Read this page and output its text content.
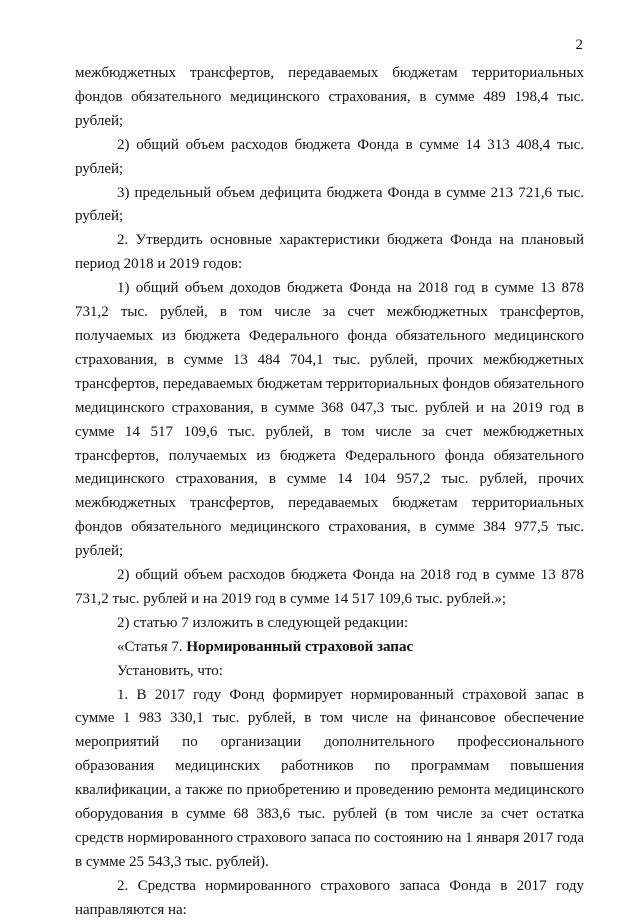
2

межбюджетных трансфертов, передаваемых бюджетам территориальных фондов обязательного медицинского страхования, в сумме 489 198,4 тыс. рублей;

2) общий объем расходов бюджета Фонда в сумме 14 313 408,4 тыс. рублей;

3) предельный объем дефицита бюджета Фонда в сумме 213 721,6 тыс. рублей;

2. Утвердить основные характеристики бюджета Фонда на плановый период 2018 и 2019 годов:

1) общий объем доходов бюджета Фонда на 2018 год в сумме 13 878 731,2 тыс. рублей, в том числе за счет межбюджетных трансфертов, получаемых из бюджета Федерального фонда обязательного медицинского страхования, в сумме 13 484 704,1 тыс. рублей, прочих межбюджетных трансфертов, передаваемых бюджетам территориальных фондов обязательного медицинского страхования, в сумме 368 047,3 тыс. рублей и на 2019 год в сумме 14 517 109,6 тыс. рублей, в том числе за счет межбюджетных трансфертов, получаемых из бюджета Федерального фонда обязательного медицинского страхования, в сумме 14 104 957,2 тыс. рублей, прочих межбюджетных трансфертов, передаваемых бюджетам территориальных фондов обязательного медицинского страхования, в сумме 384 977,5 тыс. рублей;

2) общий объем расходов бюджета Фонда на 2018 год в сумме 13 878 731,2 тыс. рублей и на 2019 год в сумме 14 517 109,6 тыс. рублей.»;

2) статью 7 изложить в следующей редакции:

«Статья 7. Нормированный страховой запас

Установить, что:

1. В 2017 году Фонд формирует нормированный страховой запас в сумме 1 983 330,1 тыс. рублей, в том числе на финансовое обеспечение мероприятий по организации дополнительного профессионального образования медицинских работников по программам повышения квалификации, а также по приобретению и проведению ремонта медицинского оборудования в сумме 68 383,6 тыс. рублей (в том числе за счет остатка средств нормированного страхового запаса по состоянию на 1 января 2017 года в сумме 25 543,3 тыс. рублей).

2. Средства нормированного страхового запаса Фонда в 2017 году направляются на:
